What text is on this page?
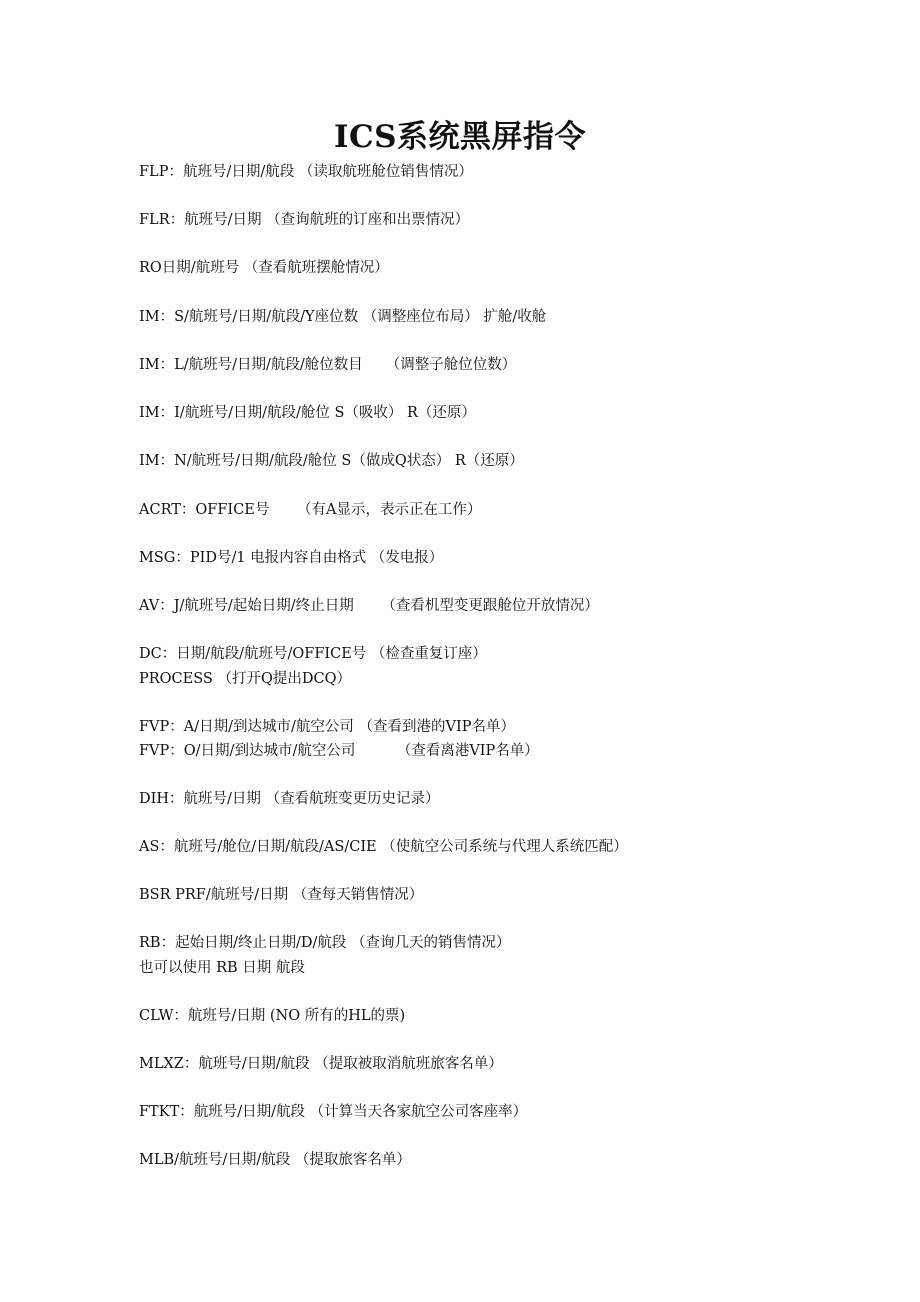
ICS系统黑屏指令

FLP：航班号/日期/航段 （读取航班舱位销售情况）

FLR：航班号/日期 （查询航班的订座和出票情况）

RO日期/航班号 （查看航班摆舱情况）

IM：S/航班号/日期/航段/Y座位数 （调整座位布局） 扩舱/收舱

IM：L/航班号/日期/航段/舱位数目     （调整子舱位位数）

IM：I/航班号/日期/航段/舱位 S（吸收） R（还原）

IM：N/航班号/日期/航段/舱位 S（做成Q状态） R（还原）

ACRT：OFFICE号      （有A显示，表示正在工作）

MSG：PID号/1 电报内容自由格式 （发电报）

AV：J/航班号/起始日期/终止日期      （查看机型变更跟舱位开放情况）

DC：日期/航段/航班号/OFFICE号 （检查重复订座）

PROCESS （打开Q提出DCQ）

FVP：A/日期/到达城市/航空公司 （查看到港的VIP名单）

FVP：O/日期/到达城市/航空公司         （查看离港VIP名单）

DIH：航班号/日期 （查看航班变更历史记录）

AS：航班号/舱位/日期/航段/AS/CIE （使航空公司系统与代理人系统匹配）

BSR PRF/航班号/日期 （查每天销售情况）

RB：起始日期/终止日期/D/航段 （查询几天的销售情况）

也可以使用 RB 日期 航段

CLW：航班号/日期 (NO 所有的HL的票)

MLXZ：航班号/日期/航段 （提取被取消航班旅客名单）

FTKT：航班号/日期/航段 （计算当天各家航空公司客座率）

MLB/航班号/日期/航段 （提取旅客名单）
